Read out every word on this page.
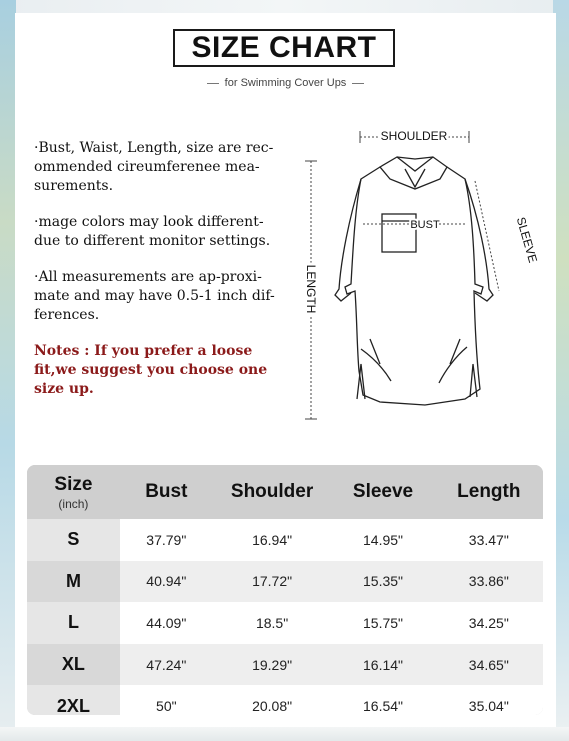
SIZE CHART
for Swimming Cover Ups

·Bust, Waist, Length, size are rec-ommended cireumferenee mea-surements.

·mage colors may look different-due to different monitor settings.

·All measurements are ap-proxi-mate and may have 0.5-1 inch dif-ferences.

Notes : If you prefer a loose fit,we suggest you choose one size up.

SHOULDER
BUST
LENGTH
SLEEVE
Size
(inch)	Bust	Shoulder	Sleeve	Length
S	37.79"	16.94"	14.95"	33.47"
M	40.94"	17.72"	15.35"	33.86"
L	44.09"	18.5"	15.75"	34.25"
XL	47.24"	19.29"	16.14"	34.65"
2XL	50"	20.08"	16.54"	35.04"
